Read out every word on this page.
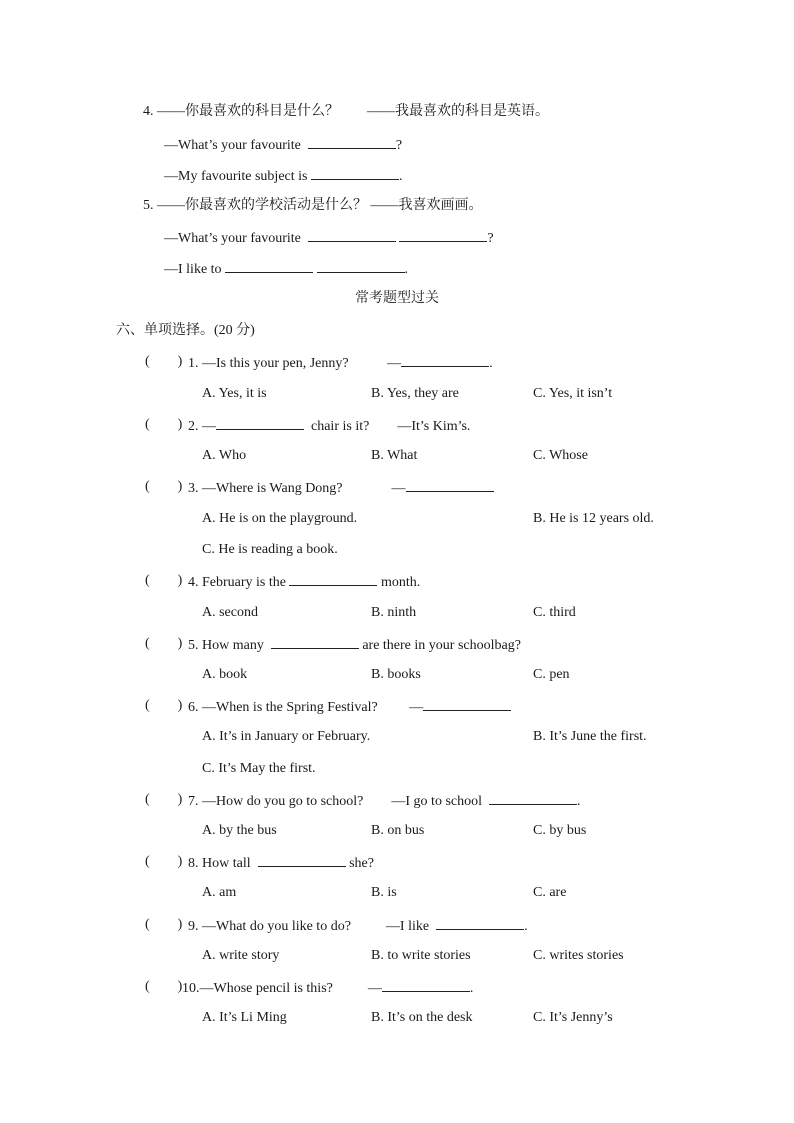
4. ——你最喜欢的科目是什么？　　——我最喜欢的科目是英语。
—What’s your favourite	?
—My favourite subject is	.
5. ——你最喜欢的学校活动是什么？ ——我喜欢画画。
—What’s your favourite	?
—I like to	.
常考题型过关
六、单项选择。(20 分)
(　　) 1. —Is this your pen, Jenny?	—	.
A. Yes, it is	B. Yes, they are	C. Yes, it isn’t
(　　) 2. —	chair is it? —It’s Kim’s.
A. Who	B. What	C. Whose
(　　) 3. —Where is Wang Dong?	—
A. He is on the playground.	B. He is 12 years old.
C. He is reading a book.
(　　) 4. February is the	month.
A. second	B. ninth	C. third
(　　) 5. How many	are there in your schoolbag?
A. book	B. books	C. pen
(　　) 6. —When is the Spring Festival? —
A. It’s in January or February.	B. It’s June the first.
C. It’s May the first.
(　　) 7. —How do you go to school? —I go to school	.
A. by the bus	B. on bus	C. by bus
(　　) 8. How tall	she?
A. am	B. is	C. are
(　　) 9. —What do you like to do?	—I like	.
A. write story	B. to write stories	C. writes stories
(　　) 10.—Whose pencil is this?	—	.
A. It’s Li Ming	B. It’s on the desk	C. It’s Jenny’s
